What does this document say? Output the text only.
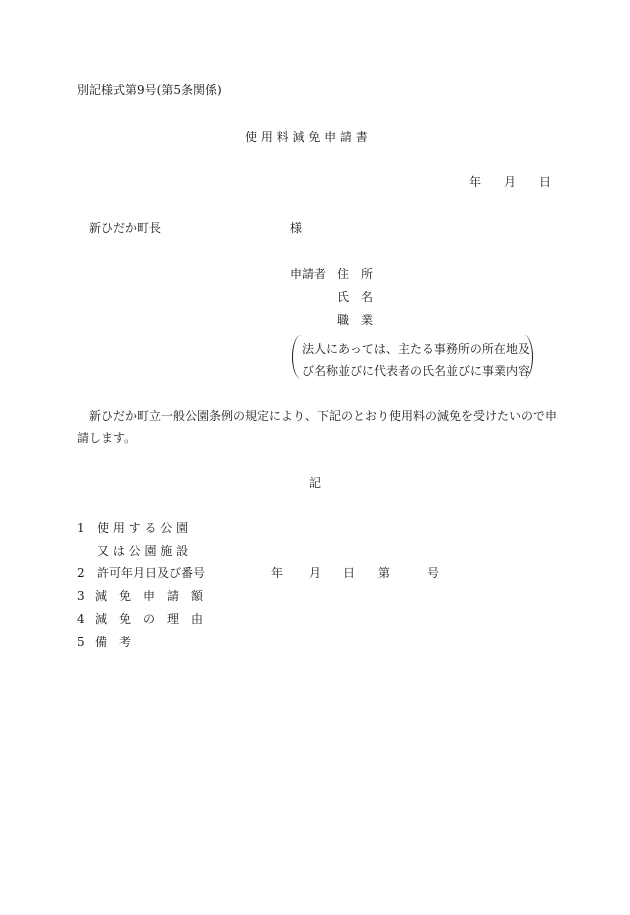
別記様式第9号(第5条関係)
使 用 料 減 免 申 請 書
年 月 日
新ひだか町長	様
申請者 住　所
氏　名
職　業
法人にあっては、主たる事務所の所在地及
び名称並びに代表者の氏名並びに事業内容
新ひだか町立一般公園条例の規定により、下記のとおり使用料の減免を受けたいので申
請します。
記
1 使 用 す る 公 園
又 は 公 園 施 設
2 許可年月日及び番号	年 月 日 第	号
3 減　免　申　請　額
4 減　免　の　理　由
5 備　考
